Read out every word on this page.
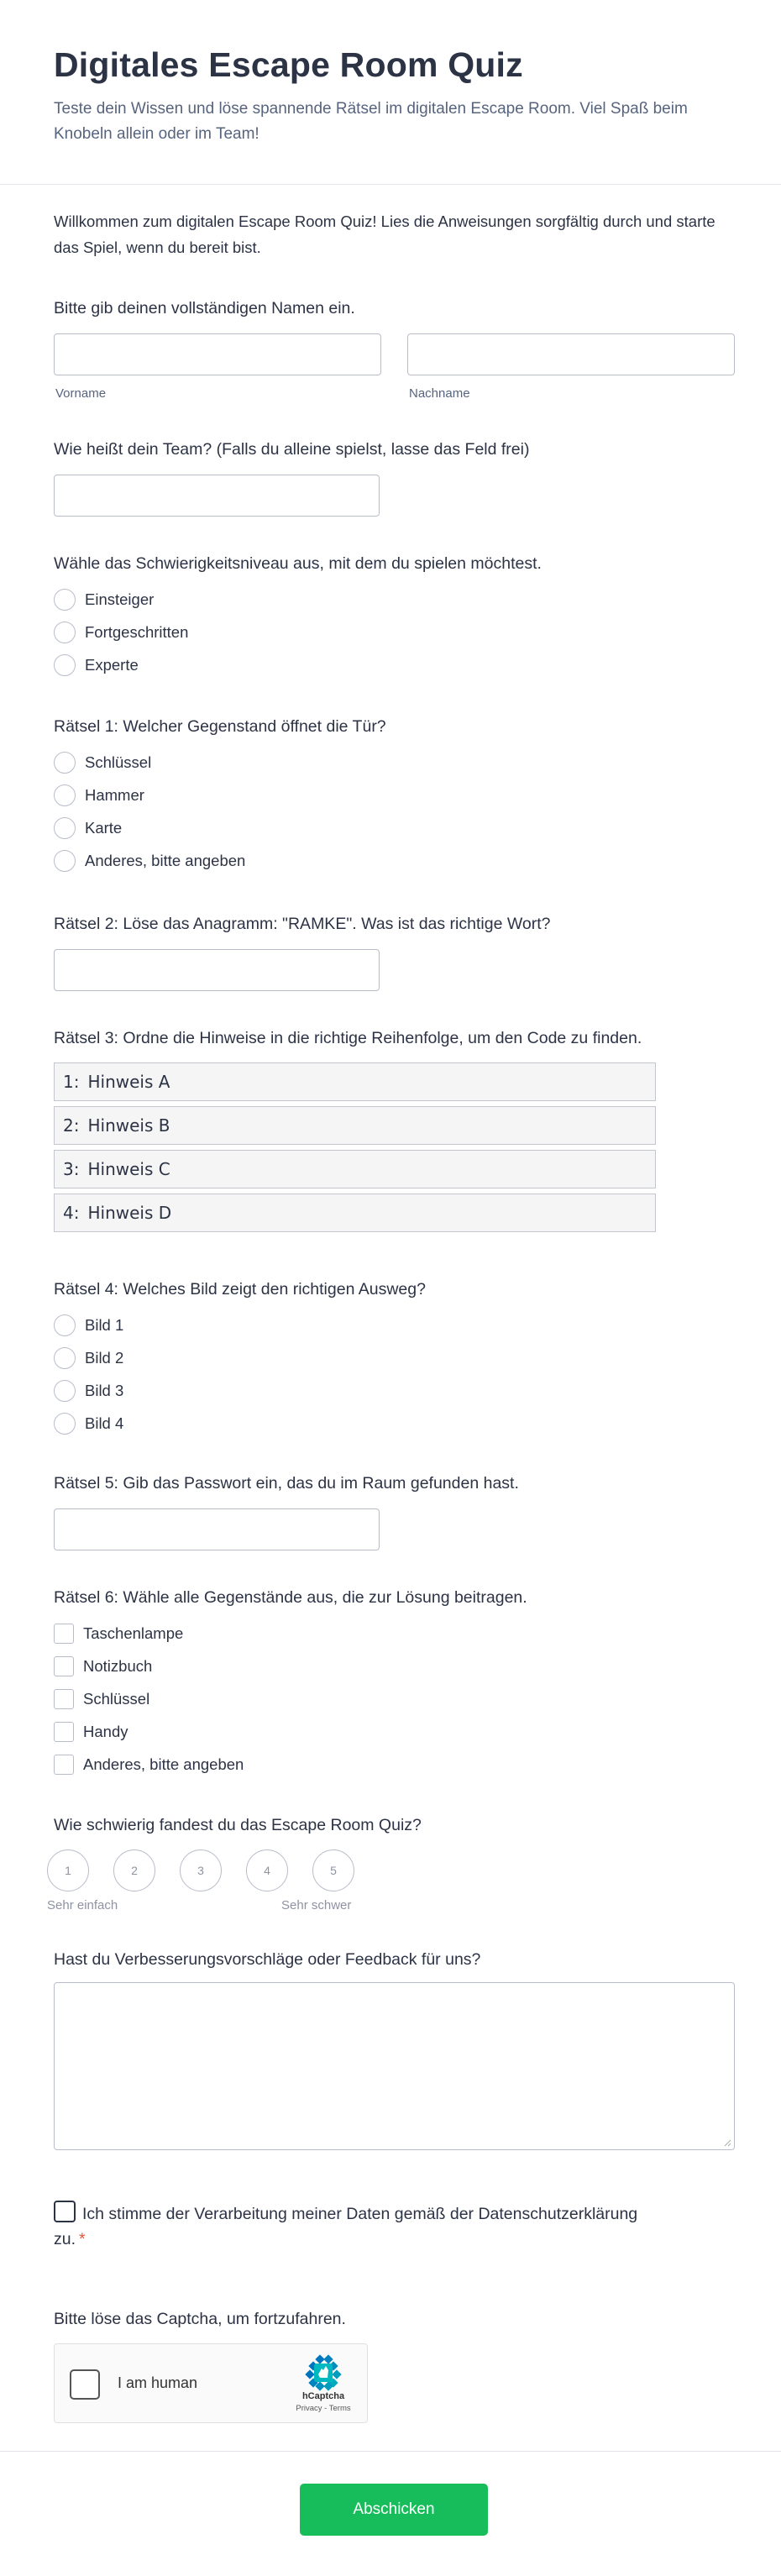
Digitales Escape Room Quiz
Teste dein Wissen und löse spannende Rätsel im digitalen Escape Room. Viel Spaß beim Knobeln allein oder im Team!
Willkommen zum digitalen Escape Room Quiz! Lies die Anweisungen sorgfältig durch und starte das Spiel, wenn du bereit bist.
Bitte gib deinen vollständigen Namen ein.
Vorname	Nachname
Wie heißt dein Team? (Falls du alleine spielst, lasse das Feld frei)
Wähle das Schwierigkeitsniveau aus, mit dem du spielen möchtest.
Einsteiger
Fortgeschritten
Experte
Rätsel 1: Welcher Gegenstand öffnet die Tür?
Schlüssel
Hammer
Karte
Anderes, bitte angeben
Rätsel 2: Löse das Anagramm: "RAMKE". Was ist das richtige Wort?
Rätsel 3: Ordne die Hinweise in die richtige Reihenfolge, um den Code zu finden.
1: Hinweis A
2: Hinweis B
3: Hinweis C
4: Hinweis D
Rätsel 4: Welches Bild zeigt den richtigen Ausweg?
Bild 1
Bild 2
Bild 3
Bild 4
Rätsel 5: Gib das Passwort ein, das du im Raum gefunden hast.
Rätsel 6: Wähle alle Gegenstände aus, die zur Lösung beitragen.
Taschenlampe
Notizbuch
Schlüssel
Handy
Anderes, bitte angeben
Wie schwierig fandest du das Escape Room Quiz?
1	2	3	4	5
Sehr einfach	Sehr schwer
Hast du Verbesserungsvorschläge oder Feedback für uns?
Ich stimme der Verarbeitung meiner Daten gemäß der Datenschutzerklärung zu. *
Bitte löse das Captcha, um fortzufahren.
I am human
hCaptcha
Privacy - Terms
Abschicken
